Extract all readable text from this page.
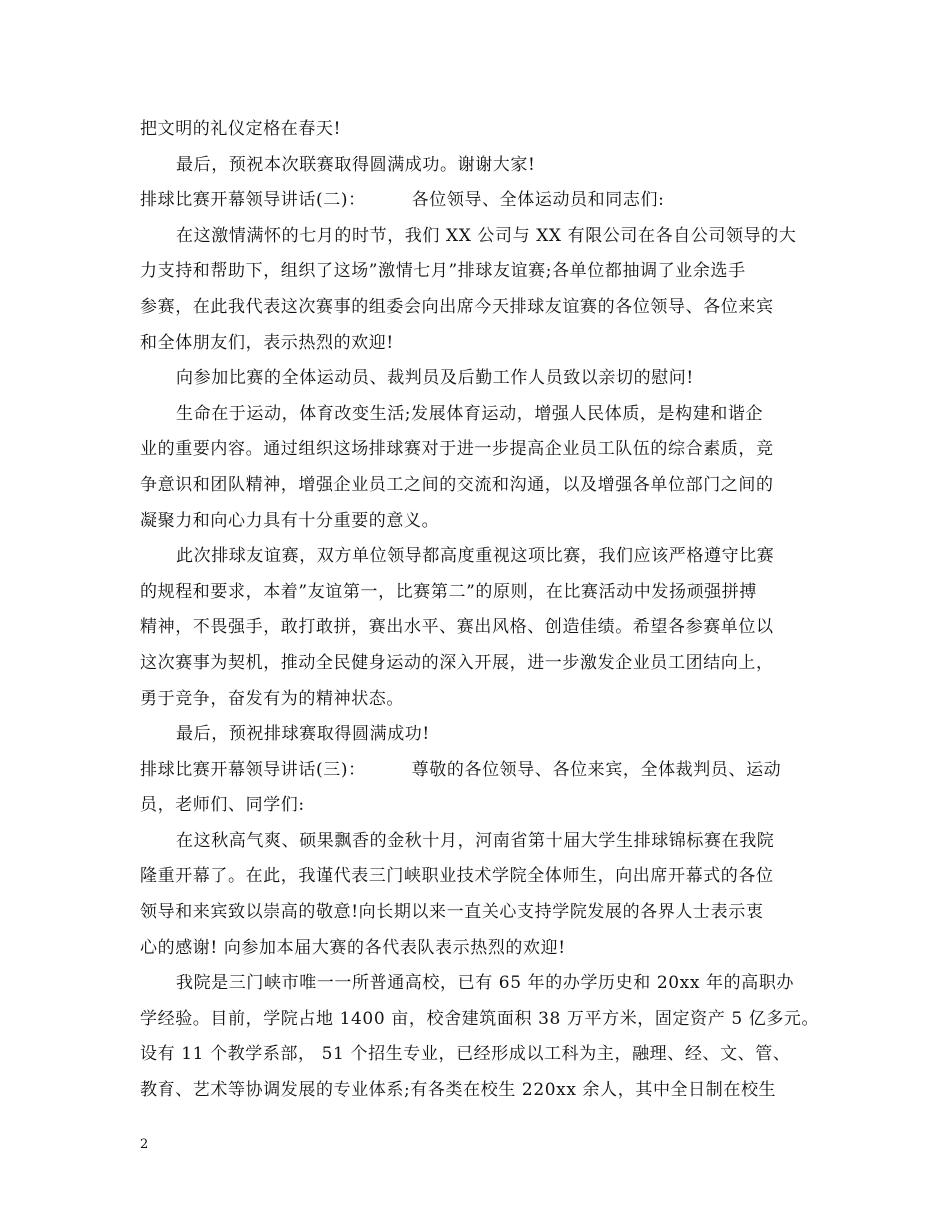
把文明的礼仪定格在春天!
最后，预祝本次联赛取得圆满成功。谢谢大家!
排球比赛开幕领导讲话(二)：	各位领导、全体运动员和同志们:
在这激情满怀的七月的时节，我们 XX 公司与 XX 有限公司在各自公司领导的大
力支持和帮助下，组织了这场”激情七月”排球友谊赛;各单位都抽调了业余选手
参赛，在此我代表这次赛事的组委会向出席今天排球友谊赛的各位领导、各位来宾
和全体朋友们，表示热烈的欢迎!
向参加比赛的全体运动员、裁判员及后勤工作人员致以亲切的慰问!
生命在于运动，体育改变生活;发展体育运动，增强人民体质，是构建和谐企
业的重要内容。通过组织这场排球赛对于进一步提高企业员工队伍的综合素质，竞
争意识和团队精神，增强企业员工之间的交流和沟通，以及增强各单位部门之间的
凝聚力和向心力具有十分重要的意义。
此次排球友谊赛，双方单位领导都高度重视这项比赛，我们应该严格遵守比赛
的规程和要求，本着”友谊第一，比赛第二”的原则，在比赛活动中发扬顽强拼搏
精神，不畏强手，敢打敢拼，赛出水平、赛出风格、创造佳绩。希望各参赛单位以
这次赛事为契机，推动全民健身运动的深入开展，进一步激发企业员工团结向上，
勇于竞争，奋发有为的精神状态。
最后，预祝排球赛取得圆满成功!
排球比赛开幕领导讲话(三)：	尊敬的各位领导、各位来宾，全体裁判员、运动
员，老师们、同学们:
在这秋高气爽、硕果飘香的金秋十月，河南省第十届大学生排球锦标赛在我院
隆重开幕了。在此，我谨代表三门峡职业技术学院全体师生，向出席开幕式的各位
领导和来宾致以崇高的敬意!向长期以来一直关心支持学院发展的各界人士表示衷
心的感谢! 向参加本届大赛的各代表队表示热烈的欢迎!
我院是三门峡市唯一一所普通高校，已有 65 年的办学历史和 20xx 年的高职办
学经验。目前，学院占地 1400 亩，校舍建筑面积 38 万平方米，固定资产 5 亿多元。
设有 11 个教学系部， 51 个招生专业，已经形成以工科为主，融理、经、文、管、
教育、艺术等协调发展的专业体系;有各类在校生 220xx 余人，其中全日制在校生
2
